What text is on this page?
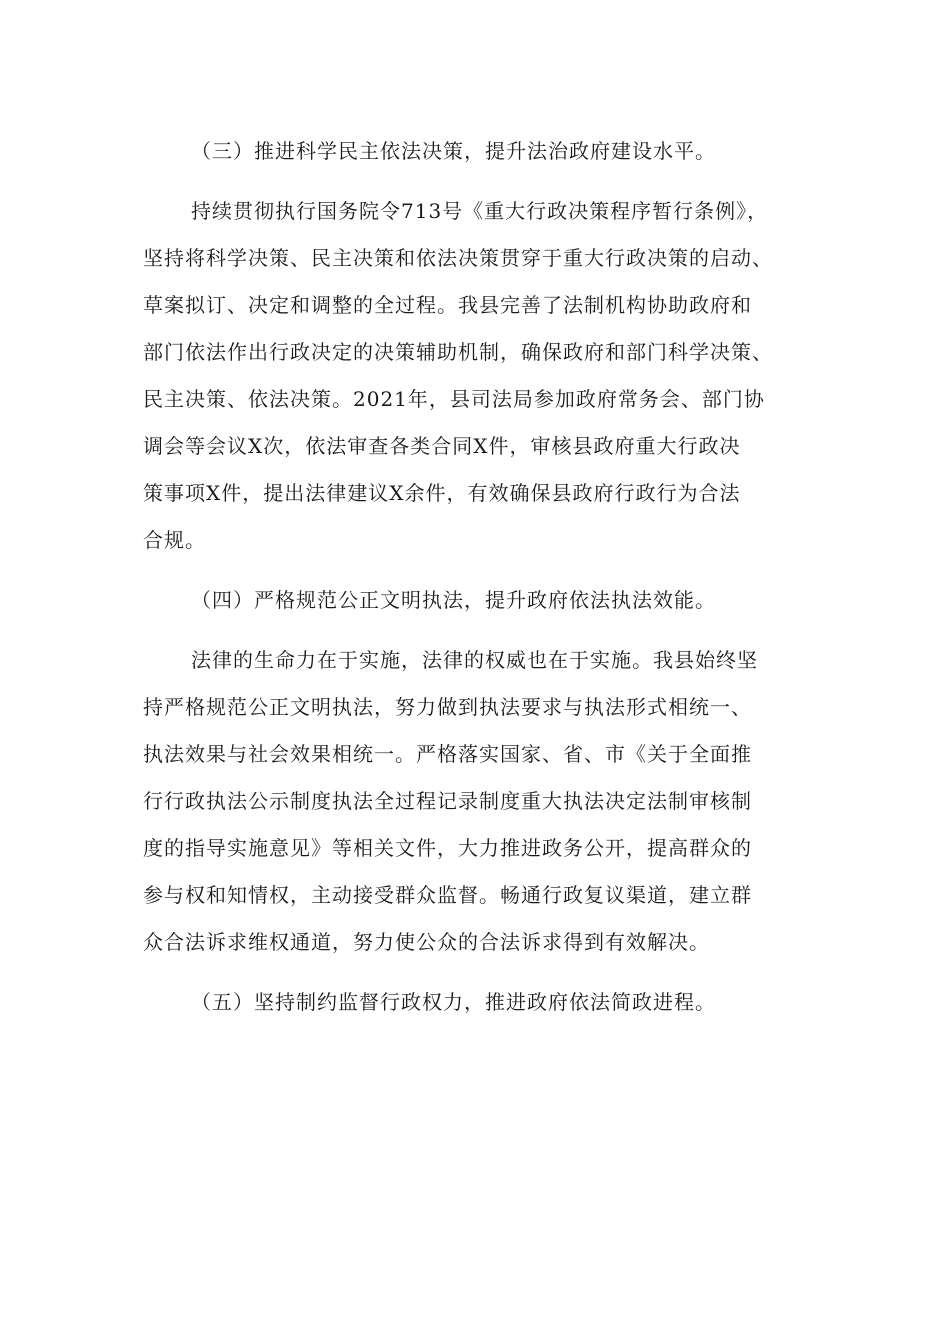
（三）推进科学民主依法决策，提升法治政府建设水平。
持续贯彻执行国务院令713号《重大行政决策程序暂行条例》，
坚持将科学决策、民主决策和依法决策贯穿于重大行政决策的启动、
草案拟订、决定和调整的全过程。我县完善了法制机构协助政府和
部门依法作出行政决定的决策辅助机制，确保政府和部门科学决策、
民主决策、依法决策。2021年，县司法局参加政府常务会、部门协
调会等会议X次，依法审查各类合同X件，审核县政府重大行政决
策事项X件，提出法律建议X余件，有效确保县政府行政行为合法
合规。
（四）严格规范公正文明执法，提升政府依法执法效能。
法律的生命力在于实施，法律的权威也在于实施。我县始终坚
持严格规范公正文明执法，努力做到执法要求与执法形式相统一、
执法效果与社会效果相统一。严格落实国家、省、市《关于全面推
行行政执法公示制度执法全过程记录制度重大执法决定法制审核制
度的指导实施意见》等相关文件，大力推进政务公开，提高群众的
参与权和知情权，主动接受群众监督。畅通行政复议渠道，建立群
众合法诉求维权通道，努力使公众的合法诉求得到有效解决。
（五）坚持制约监督行政权力，推进政府依法简政进程。
